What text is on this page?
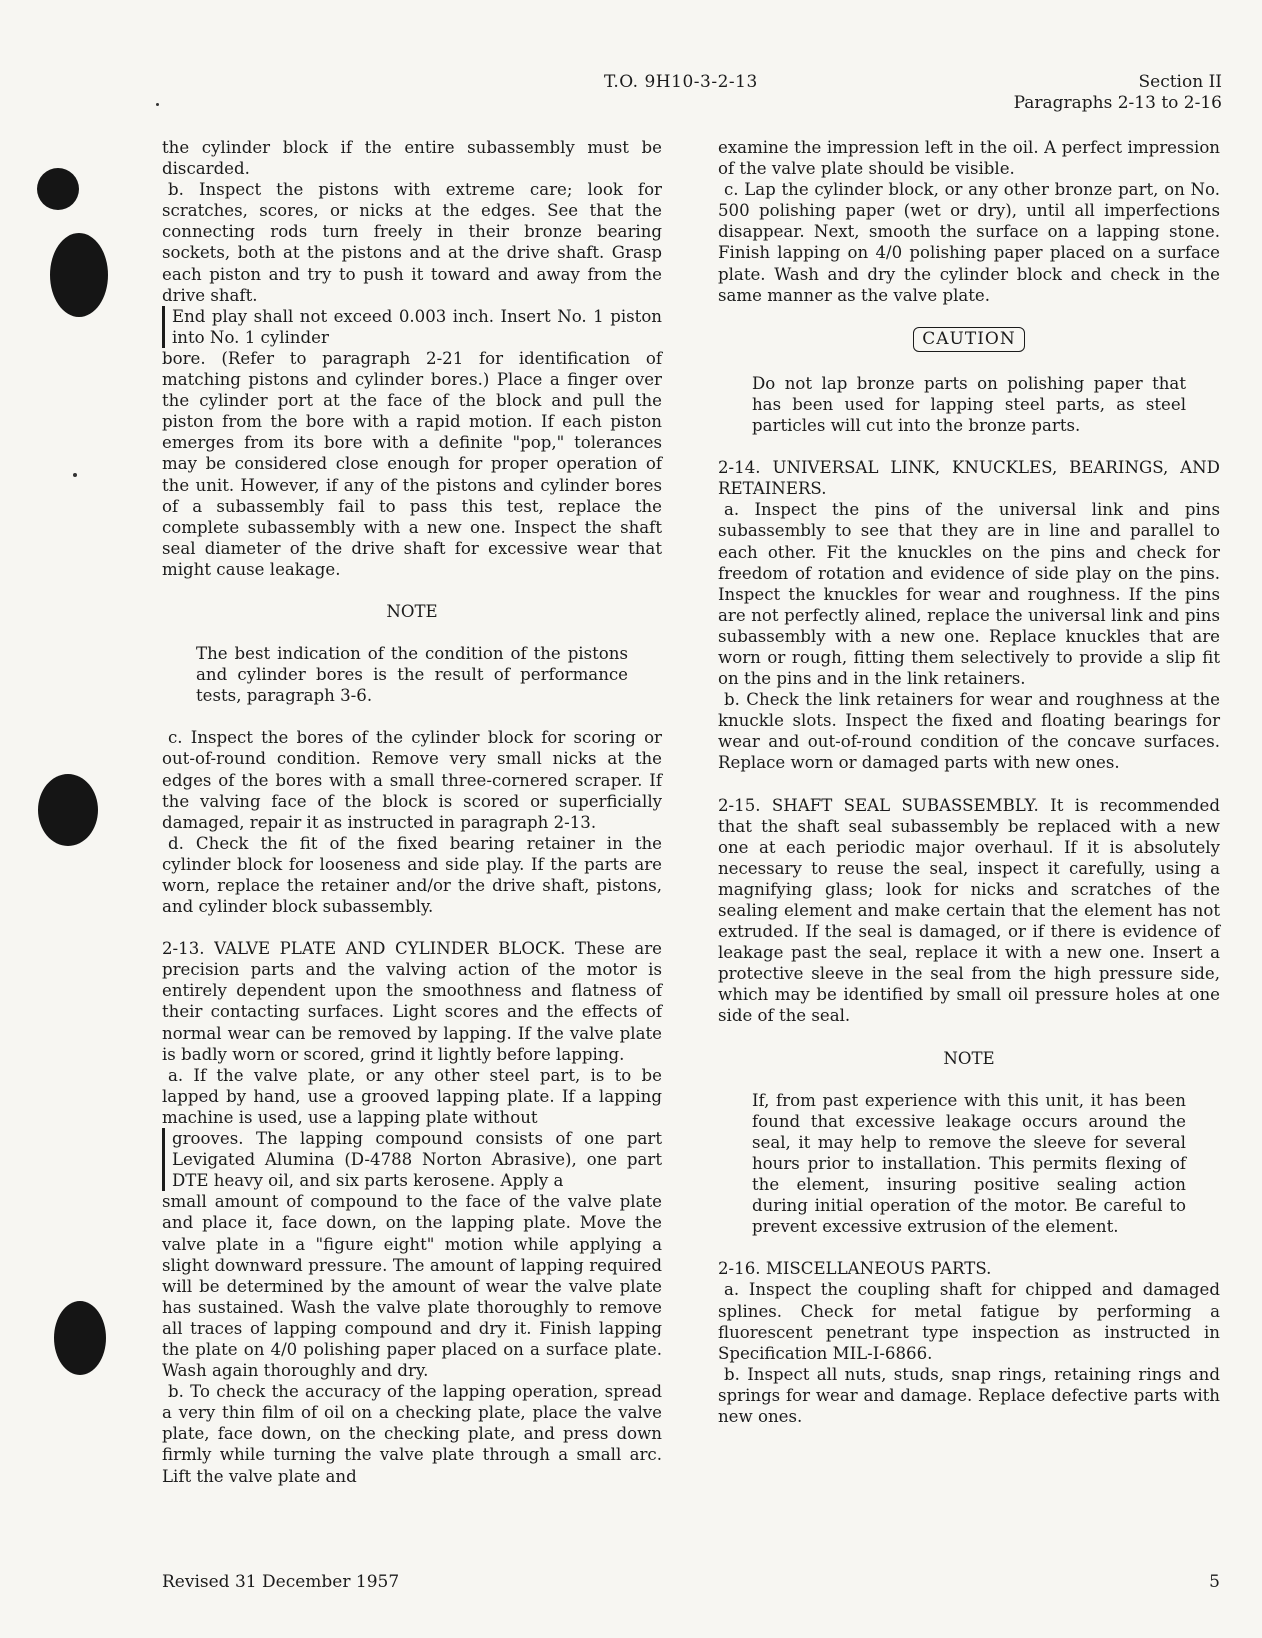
T.O. 9H10-3-2-13	Section II
Paragraphs 2-13 to 2-16

the cylinder block if the entire subassembly must be discarded.

b. Inspect the pistons with extreme care; look for scratches, scores, or nicks at the edges. See that the connecting rods turn freely in their bronze bearing sockets, both at the pistons and at the drive shaft. Grasp each piston and try to push it toward and away from the drive shaft.

End play shall not exceed 0.003 inch. Insert No. 1 piston into No. 1 cylinder

bore. (Refer to paragraph 2-21 for identification of matching pistons and cylinder bores.) Place a finger over the cylinder port at the face of the block and pull the piston from the bore with a rapid motion. If each piston emerges from its bore with a definite "pop," tolerances may be considered close enough for proper operation of the unit. However, if any of the pistons and cylinder bores of a subassembly fail to pass this test, replace the complete subassembly with a new one. Inspect the shaft seal diameter of the drive shaft for excessive wear that might cause leakage.

NOTE

The best indication of the condition of the pistons and cylinder bores is the result of performance tests, paragraph 3-6.

c. Inspect the bores of the cylinder block for scoring or out-of-round condition. Remove very small nicks at the edges of the bores with a small three-cornered scraper. If the valving face of the block is scored or superficially damaged, repair it as instructed in paragraph 2-13.

d. Check the fit of the fixed bearing retainer in the cylinder block for looseness and side play. If the parts are worn, replace the retainer and/or the drive shaft, pistons, and cylinder block subassembly.

2-13. VALVE PLATE AND CYLINDER BLOCK. These are precision parts and the valving action of the motor is entirely dependent upon the smoothness and flatness of their contacting surfaces. Light scores and the effects of normal wear can be removed by lapping. If the valve plate is badly worn or scored, grind it lightly before lapping.

a. If the valve plate, or any other steel part, is to be lapped by hand, use a grooved lapping plate. If a lapping machine is used, use a lapping plate without

grooves. The lapping compound consists of one part Levigated Alumina (D-4788 Norton Abrasive), one part DTE heavy oil, and six parts kerosene. Apply a

small amount of compound to the face of the valve plate and place it, face down, on the lapping plate. Move the valve plate in a "figure eight" motion while applying a slight downward pressure. The amount of lapping required will be determined by the amount of wear the valve plate has sustained. Wash the valve plate thoroughly to remove all traces of lapping compound and dry it. Finish lapping the plate on 4/0 polishing paper placed on a surface plate. Wash again thoroughly and dry.

b. To check the accuracy of the lapping operation, spread a very thin film of oil on a checking plate, place the valve plate, face down, on the checking plate, and press down firmly while turning the valve plate through a small arc. Lift the valve plate and

examine the impression left in the oil. A perfect impression of the valve plate should be visible.

c. Lap the cylinder block, or any other bronze part, on No. 500 polishing paper (wet or dry), until all imperfections disappear. Next, smooth the surface on a lapping stone. Finish lapping on 4/0 polishing paper placed on a surface plate. Wash and dry the cylinder block and check in the same manner as the valve plate.

CAUTION

Do not lap bronze parts on polishing paper that has been used for lapping steel parts, as steel particles will cut into the bronze parts.

2-14. UNIVERSAL LINK, KNUCKLES, BEARINGS, AND RETAINERS.

a. Inspect the pins of the universal link and pins subassembly to see that they are in line and parallel to each other. Fit the knuckles on the pins and check for freedom of rotation and evidence of side play on the pins. Inspect the knuckles for wear and roughness. If the pins are not perfectly alined, replace the universal link and pins subassembly with a new one. Replace knuckles that are worn or rough, fitting them selectively to provide a slip fit on the pins and in the link retainers.

b. Check the link retainers for wear and roughness at the knuckle slots. Inspect the fixed and floating bearings for wear and out-of-round condition of the concave surfaces. Replace worn or damaged parts with new ones.

2-15. SHAFT SEAL SUBASSEMBLY. It is recommended that the shaft seal subassembly be replaced with a new one at each periodic major overhaul. If it is absolutely necessary to reuse the seal, inspect it carefully, using a magnifying glass; look for nicks and scratches of the sealing element and make certain that the element has not extruded. If the seal is damaged, or if there is evidence of leakage past the seal, replace it with a new one. Insert a protective sleeve in the seal from the high pressure side, which may be identified by small oil pressure holes at one side of the seal.

NOTE

If, from past experience with this unit, it has been found that excessive leakage occurs around the seal, it may help to remove the sleeve for several hours prior to installation. This permits flexing of the element, insuring positive sealing action during initial operation of the motor. Be careful to prevent excessive extrusion of the element.

2-16. MISCELLANEOUS PARTS.

a. Inspect the coupling shaft for chipped and damaged splines. Check for metal fatigue by performing a fluorescent penetrant type inspection as instructed in Specification MIL-I-6866.

b. Inspect all nuts, studs, snap rings, retaining rings and springs for wear and damage. Replace defective parts with new ones.

Revised 31 December 1957	5
